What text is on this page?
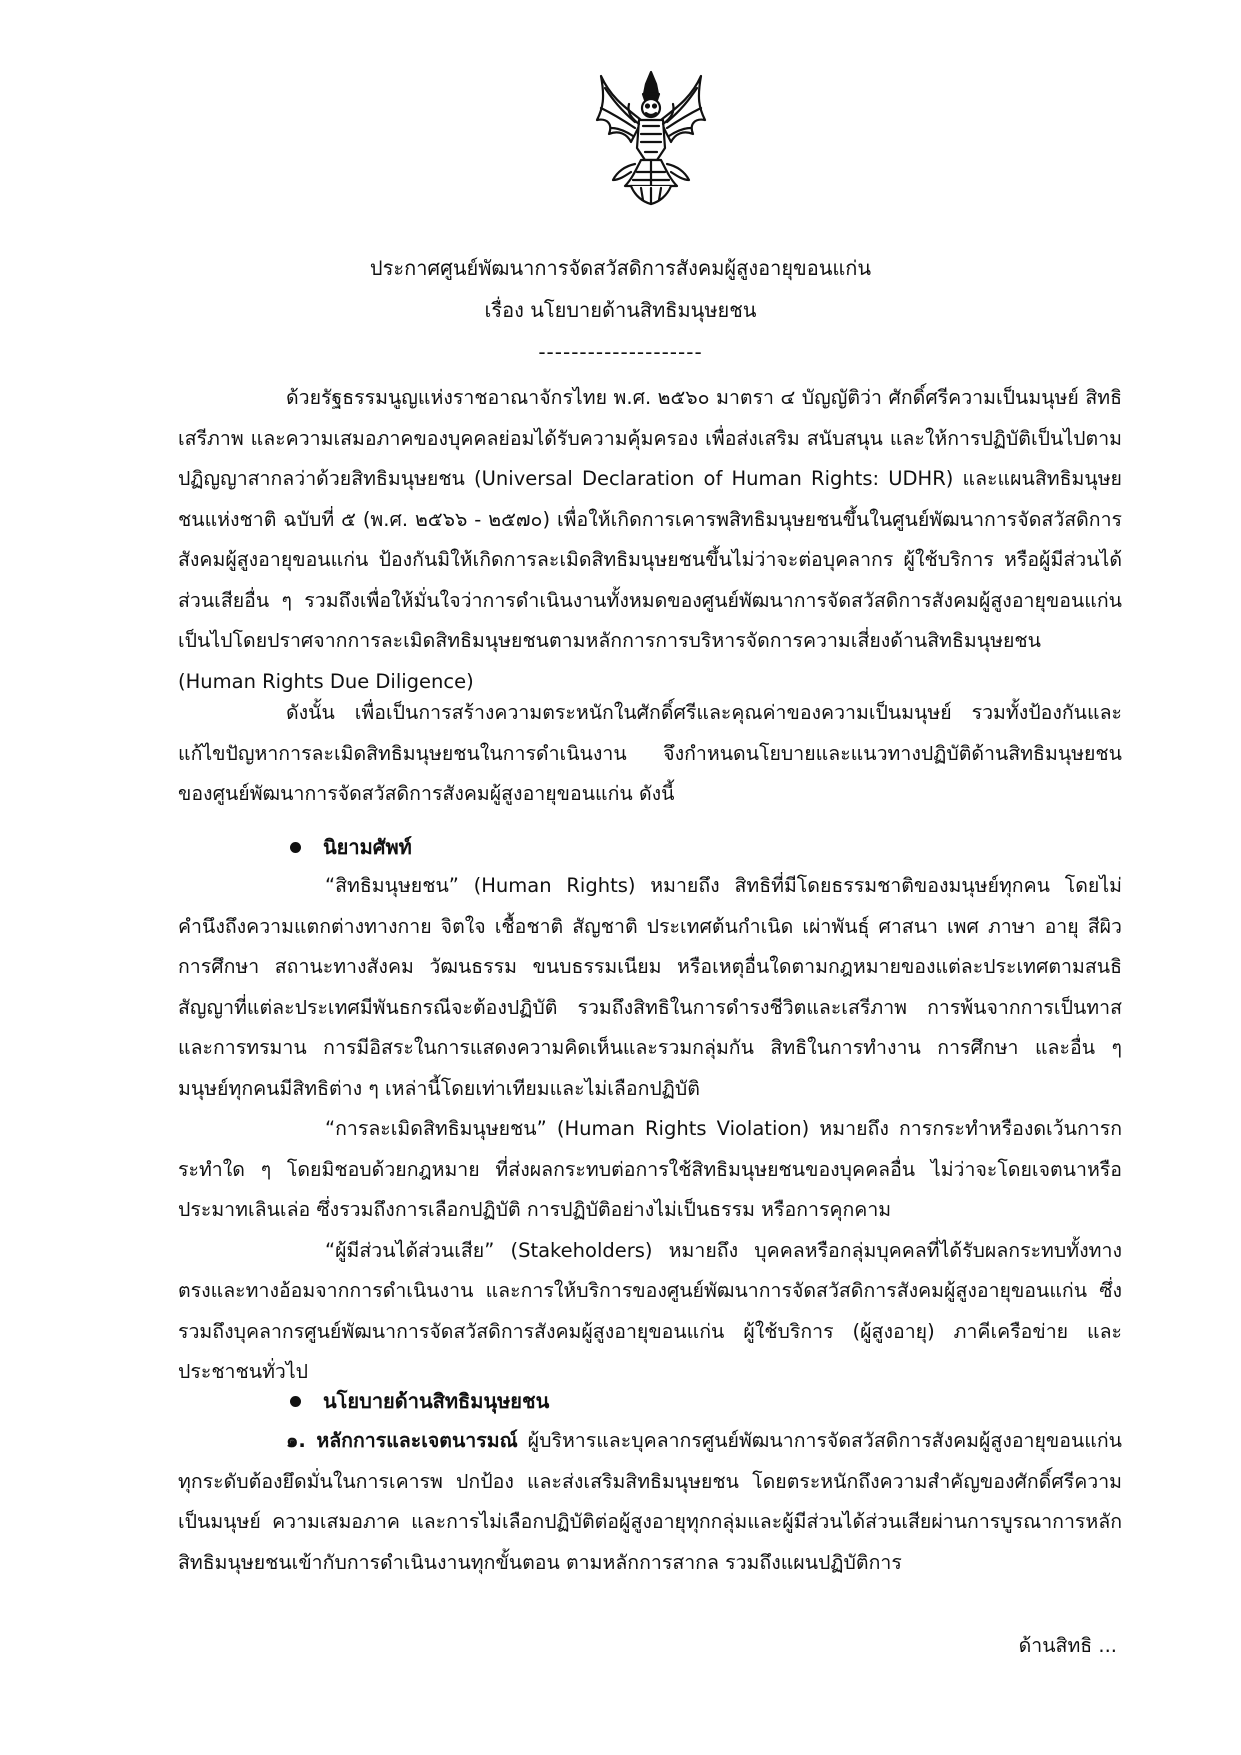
ประกาศศูนย์พัฒนาการจัดสวัสดิการสังคมผู้สูงอายุขอนแก่น
เรื่อง นโยบายด้านสิทธิมนุษยชน
--------------------

ด้วยรัฐธรรมนูญแห่งราชอาณาจักรไทย พ.ศ. ๒๕๖๐ มาตรา ๔ บัญญัติว่า ศักดิ์ศรีความเป็นมนุษย์ สิทธิ เสรีภาพ และความเสมอภาคของบุคคลย่อมได้รับความคุ้มครอง เพื่อส่งเสริม สนับสนุน และให้การปฏิบัติเป็นไปตามปฏิญญาสากลว่าด้วยสิทธิมนุษยชน (Universal Declaration of Human Rights: UDHR) และแผนสิทธิมนุษยชนแห่งชาติ ฉบับที่ ๕ (พ.ศ. ๒๕๖๖ - ๒๕๗๐) เพื่อให้เกิดการเคารพสิทธิมนุษยชนขึ้นในศูนย์พัฒนาการจัดสวัสดิการสังคมผู้สูงอายุขอนแก่น ป้องกันมิให้เกิดการละเมิดสิทธิมนุษยชนขึ้นไม่ว่าจะต่อบุคลากร ผู้ใช้บริการ หรือผู้มีส่วนได้ส่วนเสียอื่น ๆ รวมถึงเพื่อให้มั่นใจว่าการดำเนินงานทั้งหมดของศูนย์พัฒนาการจัดสวัสดิการสังคมผู้สูงอายุขอนแก่น เป็นไปโดยปราศจากการละเมิดสิทธิมนุษยชนตามหลักการการบริหารจัดการความเสี่ยงด้านสิทธิมนุษยชน (Human Rights Due Diligence)

ดังนั้น เพื่อเป็นการสร้างความตระหนักในศักดิ์ศรีและคุณค่าของความเป็นมนุษย์ รวมทั้งป้องกันและแก้ไขปัญหาการละเมิดสิทธิมนุษยชนในการดำเนินงาน จึงกำหนดนโยบายและแนวทางปฏิบัติด้านสิทธิมนุษยชนของศูนย์พัฒนาการจัดสวัสดิการสังคมผู้สูงอายุขอนแก่น ดังนี้

นิยามศัพท์

“สิทธิมนุษยชน” (Human Rights) หมายถึง สิทธิที่มีโดยธรรมชาติของมนุษย์ทุกคน โดยไม่คำนึงถึงความแตกต่างทางกาย จิตใจ เชื้อชาติ สัญชาติ ประเทศต้นกำเนิด เผ่าพันธุ์ ศาสนา เพศ ภาษา อายุ สีผิว การศึกษา สถานะทางสังคม วัฒนธรรม ขนบธรรมเนียม หรือเหตุอื่นใดตามกฎหมายของแต่ละประเทศตามสนธิสัญญาที่แต่ละประเทศมีพันธกรณีจะต้องปฏิบัติ รวมถึงสิทธิในการดำรงชีวิตและเสรีภาพ การพ้นจากการเป็นทาสและการทรมาน การมีอิสระในการแสดงความคิดเห็นและรวมกลุ่มกัน สิทธิในการทำงาน การศึกษา และอื่น ๆ มนุษย์ทุกคนมีสิทธิต่าง ๆ เหล่านี้โดยเท่าเทียมและไม่เลือกปฏิบัติ

“การละเมิดสิทธิมนุษยชน” (Human Rights Violation) หมายถึง การกระทำหรืองดเว้นการกระทำใด ๆ โดยมิชอบด้วยกฎหมาย ที่ส่งผลกระทบต่อการใช้สิทธิมนุษยชนของบุคคลอื่น ไม่ว่าจะโดยเจตนาหรือประมาทเลินเล่อ ซึ่งรวมถึงการเลือกปฏิบัติ การปฏิบัติอย่างไม่เป็นธรรม หรือการคุกคาม

“ผู้มีส่วนได้ส่วนเสีย” (Stakeholders) หมายถึง บุคคลหรือกลุ่มบุคคลที่ได้รับผลกระทบทั้งทางตรงและทางอ้อมจากการดำเนินงาน และการให้บริการของศูนย์พัฒนาการจัดสวัสดิการสังคมผู้สูงอายุขอนแก่น ซึ่งรวมถึงบุคลากรศูนย์พัฒนาการจัดสวัสดิการสังคมผู้สูงอายุขอนแก่น ผู้ใช้บริการ (ผู้สูงอายุ) ภาคีเครือข่าย และประชาชนทั่วไป

นโยบายด้านสิทธิมนุษยชน

๑. หลักการและเจตนารมณ์ ผู้บริหารและบุคลากรศูนย์พัฒนาการจัดสวัสดิการสังคมผู้สูงอายุขอนแก่น ทุกระดับต้องยึดมั่นในการเคารพ ปกป้อง และส่งเสริมสิทธิมนุษยชน โดยตระหนักถึงความสำคัญของศักดิ์ศรีความเป็นมนุษย์ ความเสมอภาค และการไม่เลือกปฏิบัติต่อผู้สูงอายุทุกกลุ่มและผู้มีส่วนได้ส่วนเสียผ่านการบูรณาการหลักสิทธิมนุษยชนเข้ากับการดำเนินงานทุกขั้นตอน ตามหลักการสากล รวมถึงแผนปฏิบัติการ

ด้านสิทธิ ...
